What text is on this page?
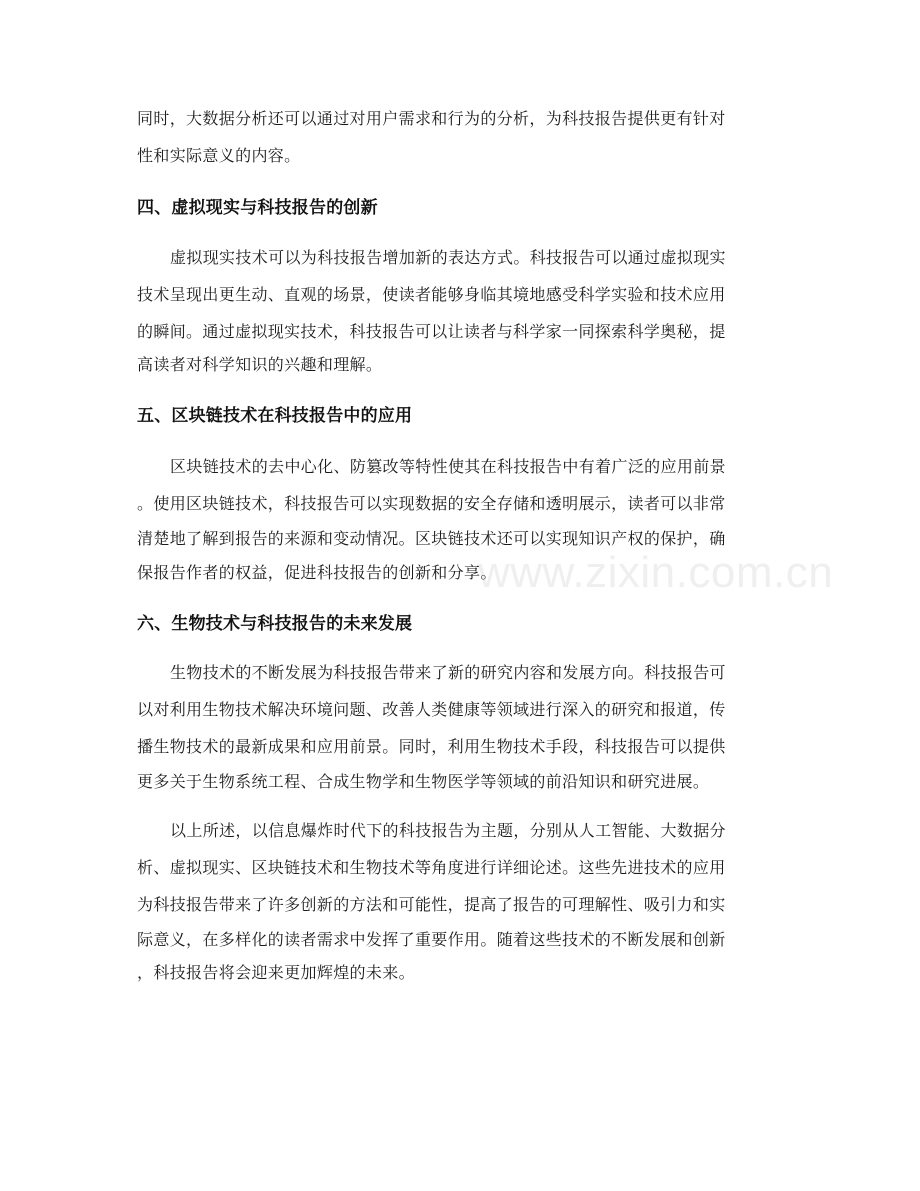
同时，大数据分析还可以通过对用户需求和行为的分析，为科技报告提供更有针对

性和实际意义的内容。

四、虚拟现实与科技报告的创新

虚拟现实技术可以为科技报告增加新的表达方式。科技报告可以通过虚拟现实

技术呈现出更生动、直观的场景，使读者能够身临其境地感受科学实验和技术应用

的瞬间。通过虚拟现实技术，科技报告可以让读者与科学家一同探索科学奥秘，提

高读者对科学知识的兴趣和理解。

五、区块链技术在科技报告中的应用

区块链技术的去中心化、防篡改等特性使其在科技报告中有着广泛的应用前景

。使用区块链技术，科技报告可以实现数据的安全存储和透明展示，读者可以非常

清楚地了解到报告的来源和变动情况。区块链技术还可以实现知识产权的保护，确

保报告作者的权益，促进科技报告的创新和分享。

六、生物技术与科技报告的未来发展

生物技术的不断发展为科技报告带来了新的研究内容和发展方向。科技报告可

以对利用生物技术解决环境问题、改善人类健康等领域进行深入的研究和报道，传

播生物技术的最新成果和应用前景。同时，利用生物技术手段，科技报告可以提供

更多关于生物系统工程、合成生物学和生物医学等领域的前沿知识和研究进展。

以上所述，以信息爆炸时代下的科技报告为主题，分别从人工智能、大数据分

析、虚拟现实、区块链技术和生物技术等角度进行详细论述。这些先进技术的应用

为科技报告带来了许多创新的方法和可能性，提高了报告的可理解性、吸引力和实

际意义，在多样化的读者需求中发挥了重要作用。随着这些技术的不断发展和创新

，科技报告将会迎来更加辉煌的未来。

www.zixin.com.cn
